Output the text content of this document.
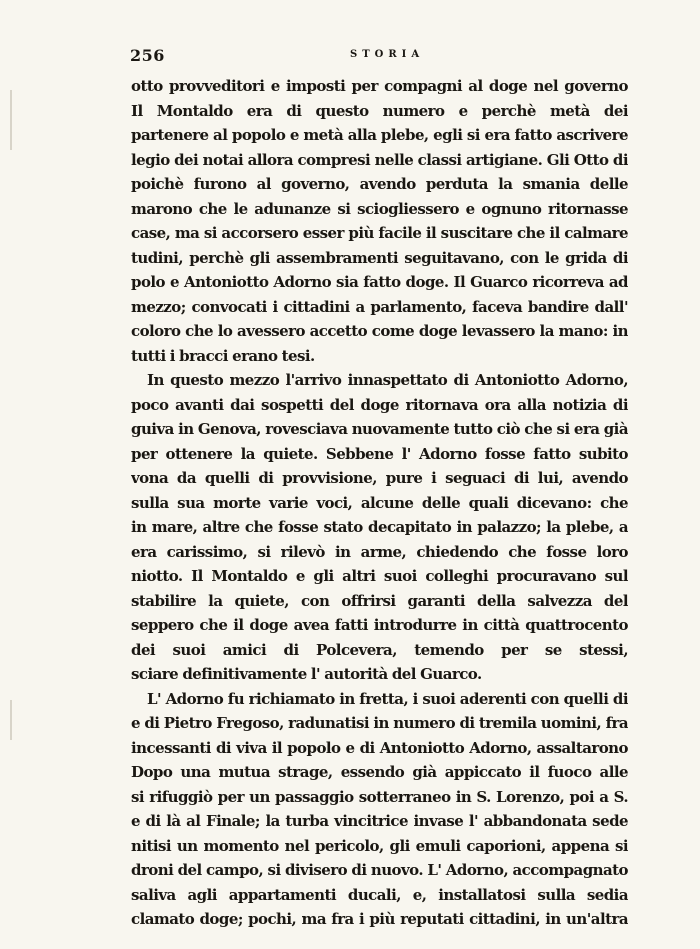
256	STORIA
otto provveditori e imposti per compagni al doge nel governo
Il Montaldo era di questo numero e perchè metà dei
partenere al popolo e metà alla plebe, egli si era fatto ascrivere
legio dei notai allora compresi nelle classi artigiane. Gli Otto di
poichè furono al governo, avendo perduta la smania delle
marono che le adunanze si sciogliessero e ognuno ritornasse
case, ma si accorsero esser più facile il suscitare che il calmare
tudini, perchè gli assembramenti seguitavano, con le grida di
polo e Antoniotto Adorno sia fatto doge. Il Guarco ricorreva ad
mezzo; convocati i cittadini a parlamento, faceva bandire dall'
coloro che lo avessero accetto come doge levassero la mano: in
tutti i bracci erano tesi.
In questo mezzo l'arrivo innaspettato di Antoniotto Adorno,
poco avanti dai sospetti del doge ritornava ora alla notizia di
guiva in Genova, rovesciava nuovamente tutto ciò che si era già
per ottenere la quiete. Sebbene l' Adorno fosse fatto subito
vona da quelli di provvisione, pure i seguaci di lui, avendo
sulla sua morte varie voci, alcune delle quali dicevano: che
in mare, altre che fosse stato decapitato in palazzo; la plebe, a
era carissimo, si rilevò in arme, chiedendo che fosse loro
niotto. Il Montaldo e gli altri suoi colleghi procuravano sul
stabilire la quiete, con offrirsi garanti della salvezza del
seppero che il doge avea fatti introdurre in città quattrocento
dei suoi amici di Polcevera, temendo per se stessi,
sciare definitivamente l' autorità del Guarco.
L' Adorno fu richiamato in fretta, i suoi aderenti con quelli di
e di Pietro Fregoso, radunatisi in numero di tremila uomini, fra
incessanti di viva il popolo e di Antoniotto Adorno, assaltarono
Dopo una mutua strage, essendo già appiccato il fuoco alle
si rifuggiò per un passaggio sotterraneo in S. Lorenzo, poi a S.
e di là al Finale; la turba vincitrice invase l' abbandonata sede
nitisi un momento nel pericolo, gli emuli caporioni, appena si
droni del campo, si divisero di nuovo. L' Adorno, accompagnato
saliva agli appartamenti ducali, e, installatosi sulla sedia
clamato doge; pochi, ma fra i più reputati cittadini, in un'altra
